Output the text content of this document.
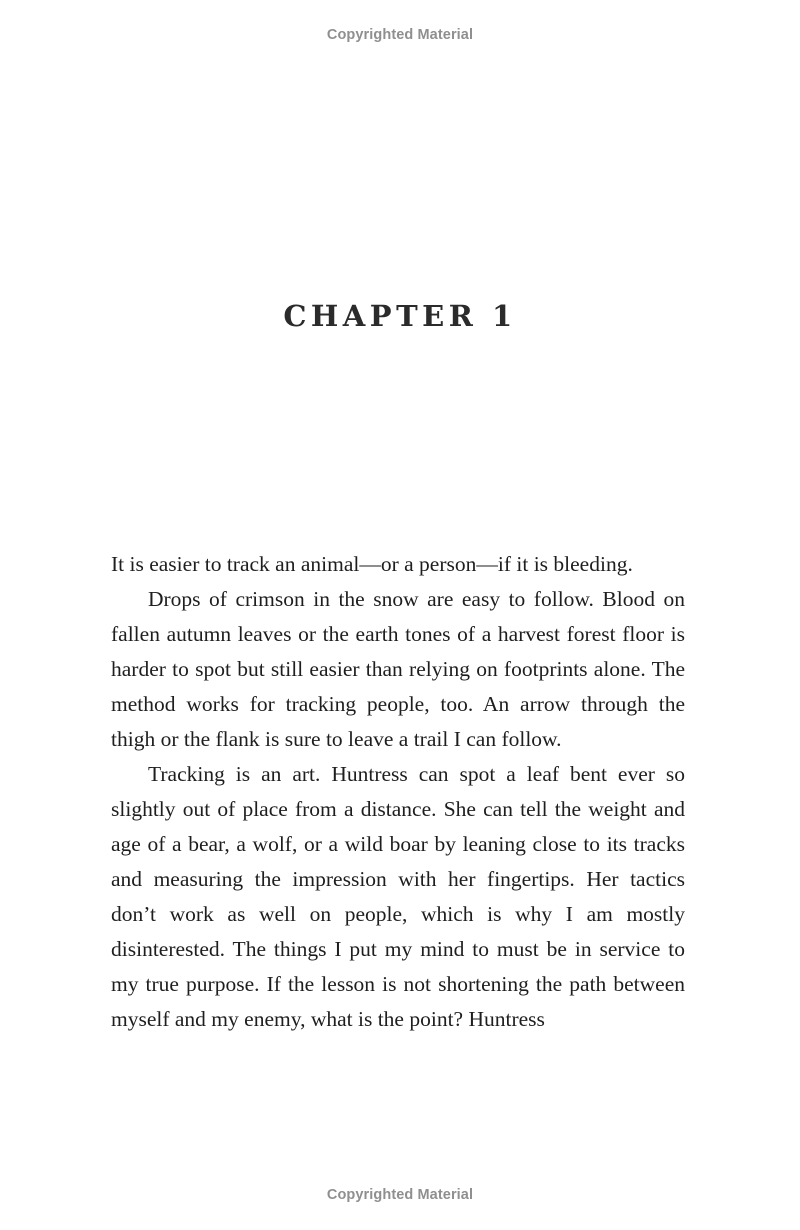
Copyrighted Material
CHAPTER 1

It is easier to track an animal—or a person—if it is bleeding.

Drops of crimson in the snow are easy to follow. Blood on fallen autumn leaves or the earth tones of a harvest forest floor is harder to spot but still easier than relying on footprints alone. The method works for tracking people, too. An arrow through the thigh or the flank is sure to leave a trail I can follow.

Tracking is an art. Huntress can spot a leaf bent ever so slightly out of place from a distance. She can tell the weight and age of a bear, a wolf, or a wild boar by leaning close to its tracks and measuring the impression with her fingertips. Her tactics don’t work as well on people, which is why I am mostly disinterested. The things I put my mind to must be in service to my true purpose. If the lesson is not shortening the path between myself and my enemy, what is the point? Huntress

Copyrighted Material
